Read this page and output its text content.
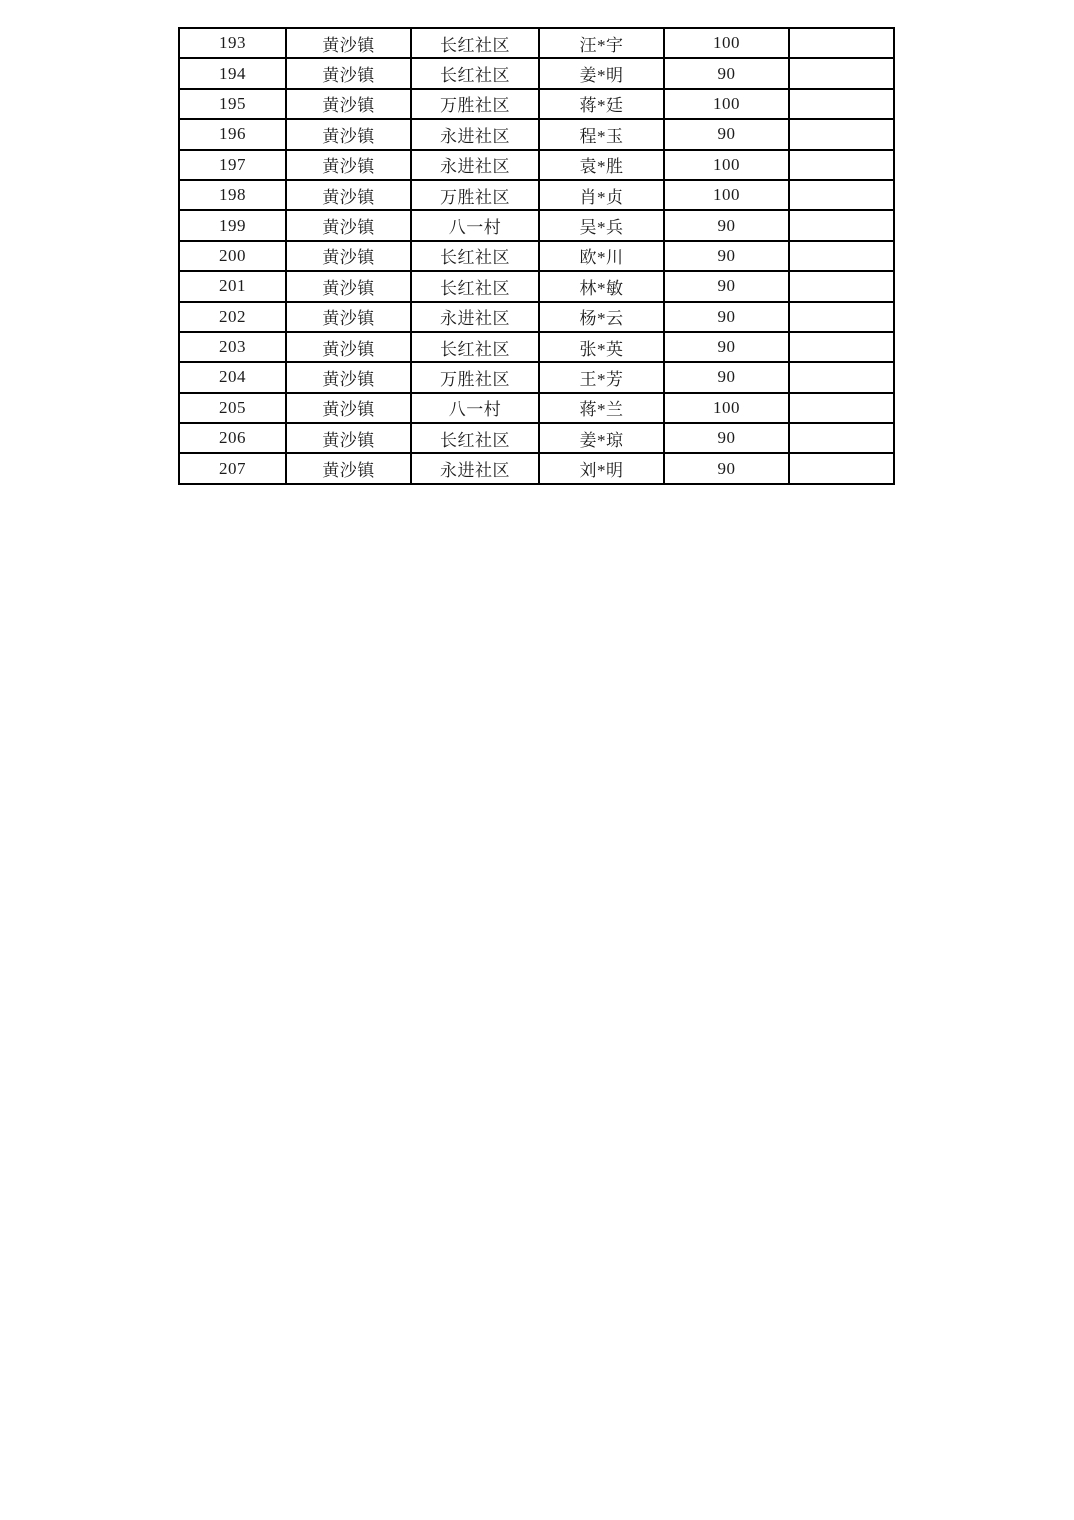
193	黄沙镇	长红社区	汪*宇	100	
194	黄沙镇	长红社区	姜*明	90	
195	黄沙镇	万胜社区	蒋*廷	100	
196	黄沙镇	永进社区	程*玉	90	
197	黄沙镇	永进社区	袁*胜	100	
198	黄沙镇	万胜社区	肖*贞	100	
199	黄沙镇	八一村	吴*兵	90	
200	黄沙镇	长红社区	欧*川	90	
201	黄沙镇	长红社区	林*敏	90	
202	黄沙镇	永进社区	杨*云	90	
203	黄沙镇	长红社区	张*英	90	
204	黄沙镇	万胜社区	王*芳	90	
205	黄沙镇	八一村	蒋*兰	100	
206	黄沙镇	长红社区	姜*琼	90	
207	黄沙镇	永进社区	刘*明	90	
